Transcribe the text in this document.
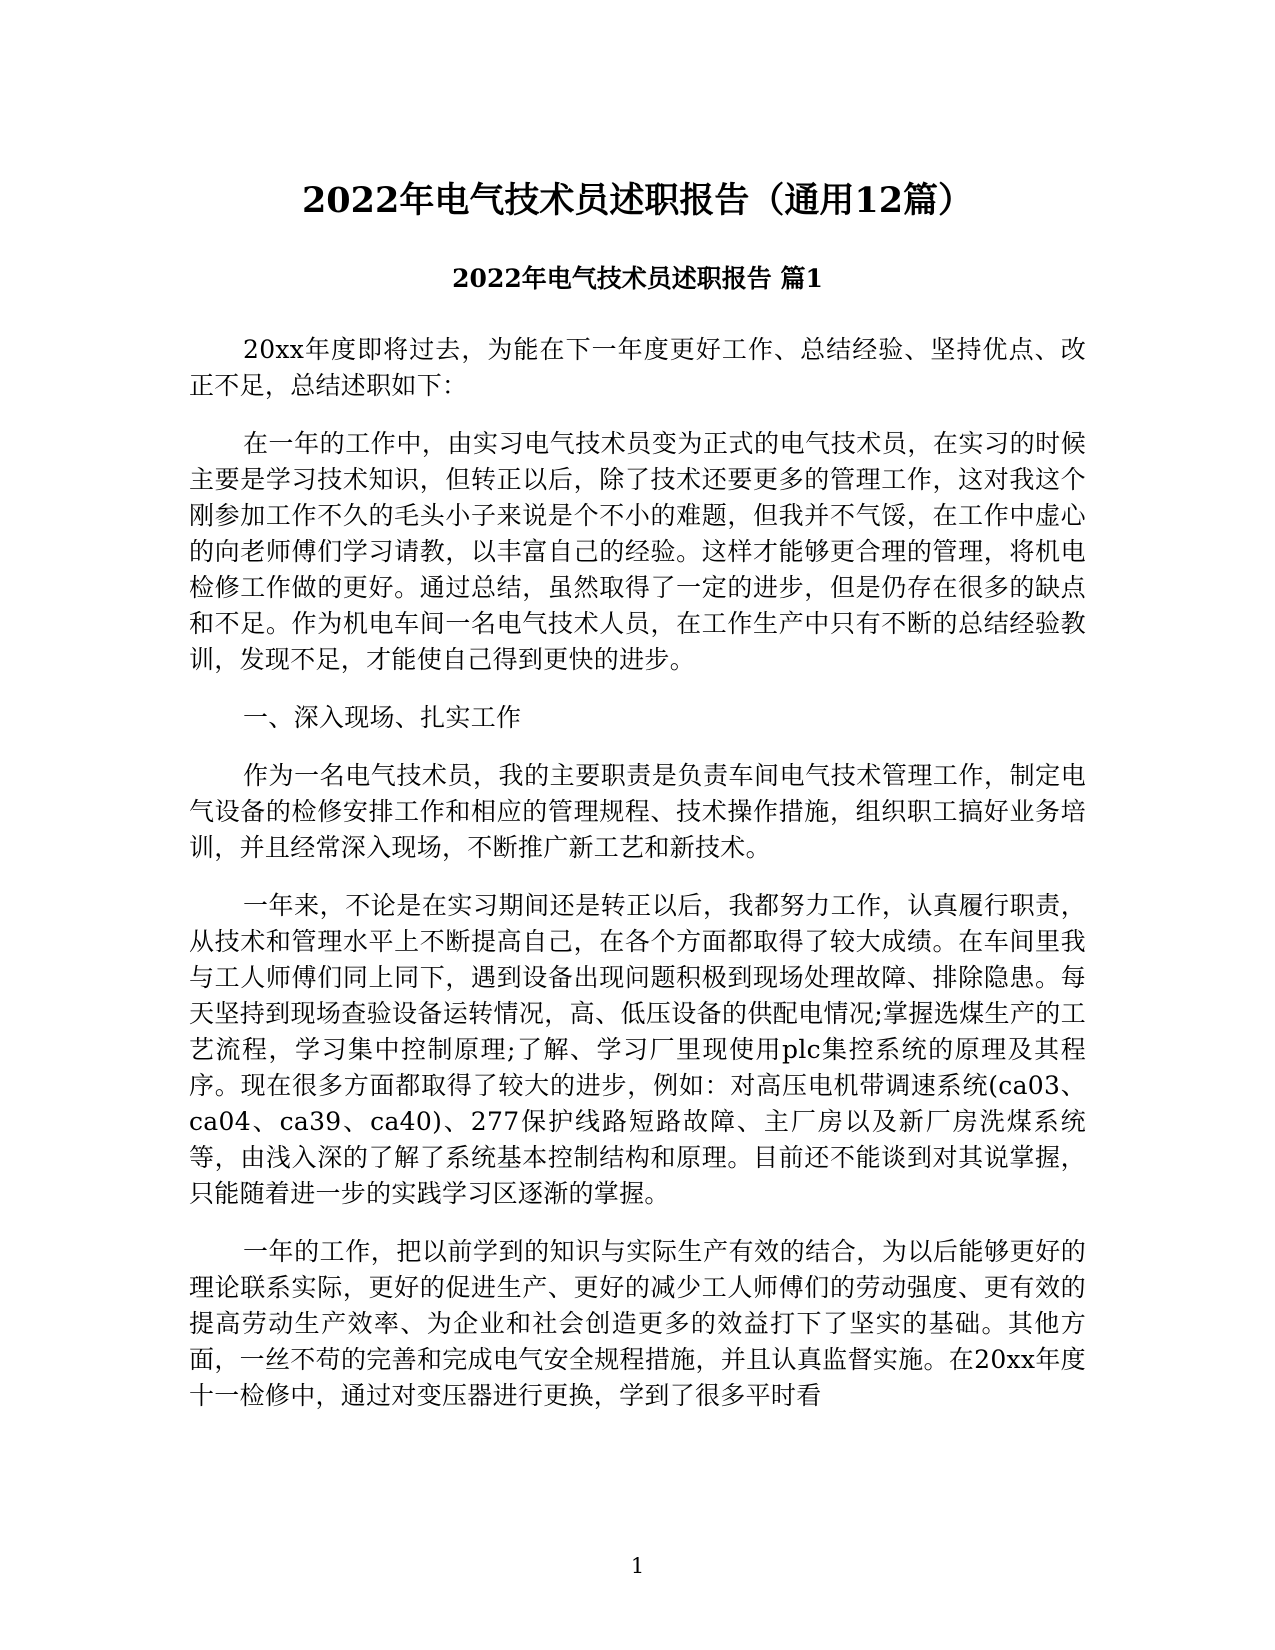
2022年电气技术员述职报告（通用12篇）
2022年电气技术员述职报告 篇1

20xx年度即将过去，为能在下一年度更好工作、总结经验、坚持优点、改正不足，总结述职如下：

在一年的工作中，由实习电气技术员变为正式的电气技术员，在实习的时候主要是学习技术知识，但转正以后，除了技术还要更多的管理工作，这对我这个刚参加工作不久的毛头小子来说是个不小的难题，但我并不气馁，在工作中虚心的向老师傅们学习请教，以丰富自己的经验。这样才能够更合理的管理，将机电检修工作做的更好。通过总结，虽然取得了一定的进步，但是仍存在很多的缺点和不足。作为机电车间一名电气技术人员，在工作生产中只有不断的总结经验教训，发现不足，才能使自己得到更快的进步。

一、深入现场、扎实工作

作为一名电气技术员，我的主要职责是负责车间电气技术管理工作，制定电气设备的检修安排工作和相应的管理规程、技术操作措施，组织职工搞好业务培训，并且经常深入现场，不断推广新工艺和新技术。

一年来，不论是在实习期间还是转正以后，我都努力工作，认真履行职责，从技术和管理水平上不断提高自己，在各个方面都取得了较大成绩。在车间里我与工人师傅们同上同下，遇到设备出现问题积极到现场处理故障、排除隐患。每天坚持到现场查验设备运转情况，高、低压设备的供配电情况;掌握选煤生产的工艺流程，学习集中控制原理;了解、学习厂里现使用plc集控系统的原理及其程序。现在很多方面都取得了较大的进步，例如：对高压电机带调速系统(ca03、ca04、ca39、ca40)、277保护线路短路故障、主厂房以及新厂房洗煤系统等，由浅入深的了解了系统基本控制结构和原理。目前还不能谈到对其说掌握，只能随着进一步的实践学习区逐渐的掌握。

一年的工作，把以前学到的知识与实际生产有效的结合，为以后能够更好的理论联系实际，更好的促进生产、更好的减少工人师傅们的劳动强度、更有效的提高劳动生产效率、为企业和社会创造更多的效益打下了坚实的基础。其他方面，一丝不苟的完善和完成电气安全规程措施，并且认真监督实施。在20xx年度十一检修中，通过对变压器进行更换，学到了很多平时看

1
